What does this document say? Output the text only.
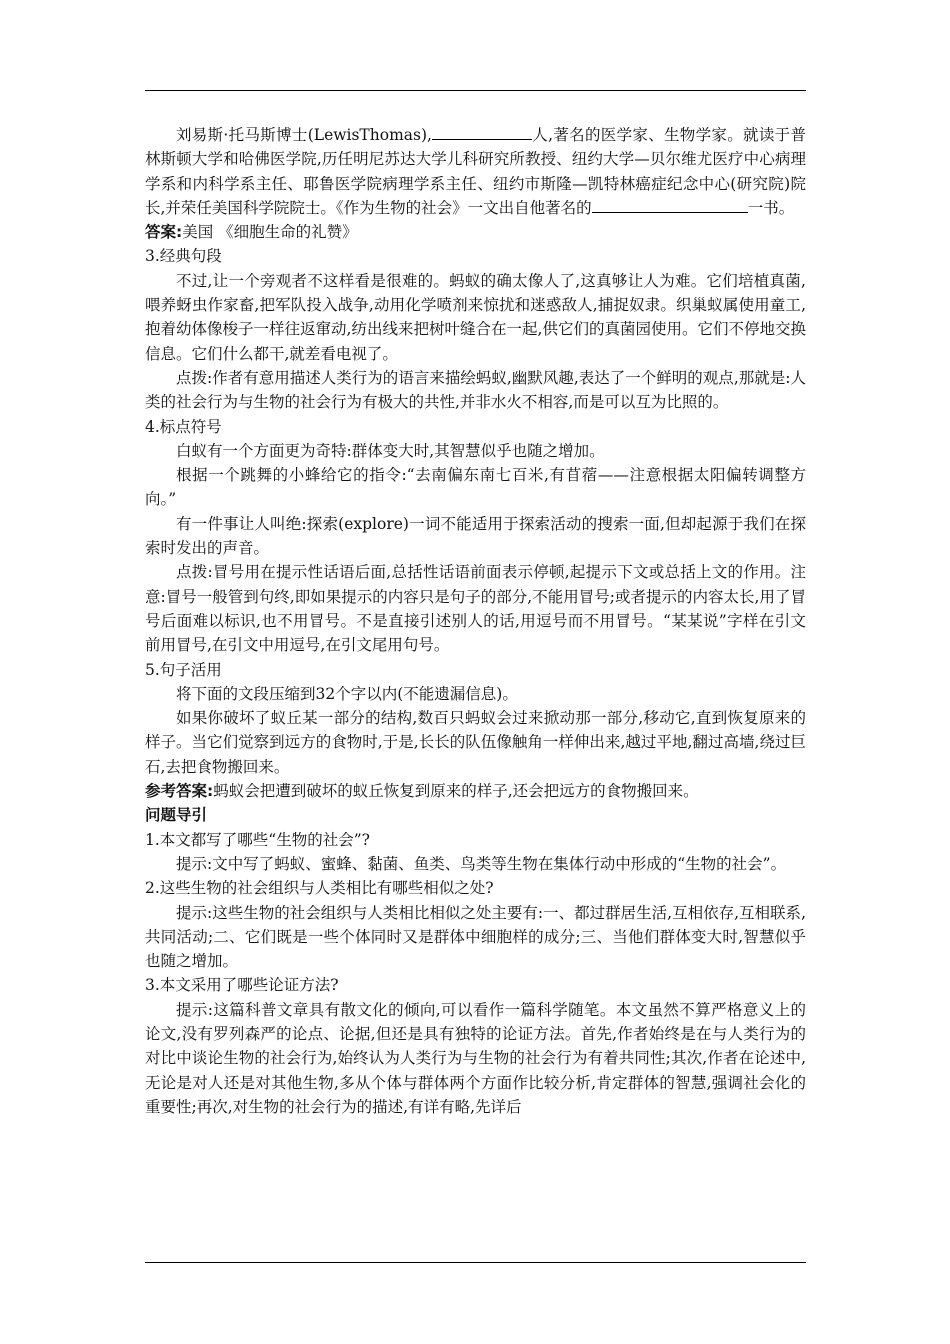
刘易斯·托马斯博士(LewisThomas),	人,著名的医学家、生物学家。就读于普林斯顿大学和哈佛医学院,历任明尼苏达大学儿科研究所教授、纽约大学—贝尔维尤医疗中心病理学系和内科学系主任、耶鲁医学院病理学系主任、纽约市斯隆—凯特林癌症纪念中心(研究院)院长,并荣任美国科学院院士。《作为生物的社会》一文出自他著名的	一书。

答案:美国 《细胞生命的礼赞》

3.经典句段

不过,让一个旁观者不这样看是很难的。蚂蚁的确太像人了,这真够让人为难。它们培植真菌,喂养蚜虫作家畜,把军队投入战争,动用化学喷剂来惊扰和迷惑敌人,捕捉奴隶。织巢蚁属使用童工,抱着幼体像梭子一样往返窜动,纺出线来把树叶缝合在一起,供它们的真菌园使用。它们不停地交换信息。它们什么都干,就差看电视了。

点拨:作者有意用描述人类行为的语言来描绘蚂蚁,幽默风趣,表达了一个鲜明的观点,那就是:人类的社会行为与生物的社会行为有极大的共性,并非水火不相容,而是可以互为比照的。

4.标点符号

白蚁有一个方面更为奇特:群体变大时,其智慧似乎也随之增加。

根据一个跳舞的小蜂给它的指令:“去南偏东南七百米,有苜蓿——注意根据太阳偏转调整方向。”

有一件事让人叫绝:探索(explore)一词不能适用于探索活动的搜索一面,但却起源于我们在探索时发出的声音。

点拨:冒号用在提示性话语后面,总括性话语前面表示停顿,起提示下文或总括上文的作用。注意:冒号一般管到句终,即如果提示的内容只是句子的部分,不能用冒号;或者提示的内容太长,用了冒号后面难以标识,也不用冒号。不是直接引述别人的话,用逗号而不用冒号。“某某说”字样在引文前用冒号,在引文中用逗号,在引文尾用句号。

5.句子活用

将下面的文段压缩到32个字以内(不能遗漏信息)。

如果你破坏了蚁丘某一部分的结构,数百只蚂蚁会过来掀动那一部分,移动它,直到恢复原来的样子。当它们觉察到远方的食物时,于是,长长的队伍像触角一样伸出来,越过平地,翻过高墙,绕过巨石,去把食物搬回来。

参考答案:蚂蚁会把遭到破坏的蚁丘恢复到原来的样子,还会把远方的食物搬回来。

问题导引

1.本文都写了哪些“生物的社会”?

提示:文中写了蚂蚁、蜜蜂、黏菌、鱼类、鸟类等生物在集体行动中形成的“生物的社会”。

2.这些生物的社会组织与人类相比有哪些相似之处?

提示:这些生物的社会组织与人类相比相似之处主要有:一、都过群居生活,互相依存,互相联系,共同活动;二、它们既是一些个体同时又是群体中细胞样的成分;三、当他们群体变大时,智慧似乎也随之增加。

3.本文采用了哪些论证方法?

提示:这篇科普文章具有散文化的倾向,可以看作一篇科学随笔。本文虽然不算严格意义上的论文,没有罗列森严的论点、论据,但还是具有独特的论证方法。首先,作者始终是在与人类行为的对比中谈论生物的社会行为,始终认为人类行为与生物的社会行为有着共同性;其次,作者在论述中,无论是对人还是对其他生物,多从个体与群体两个方面作比较分析,肯定群体的智慧,强调社会化的重要性;再次,对生物的社会行为的描述,有详有略,先详后
